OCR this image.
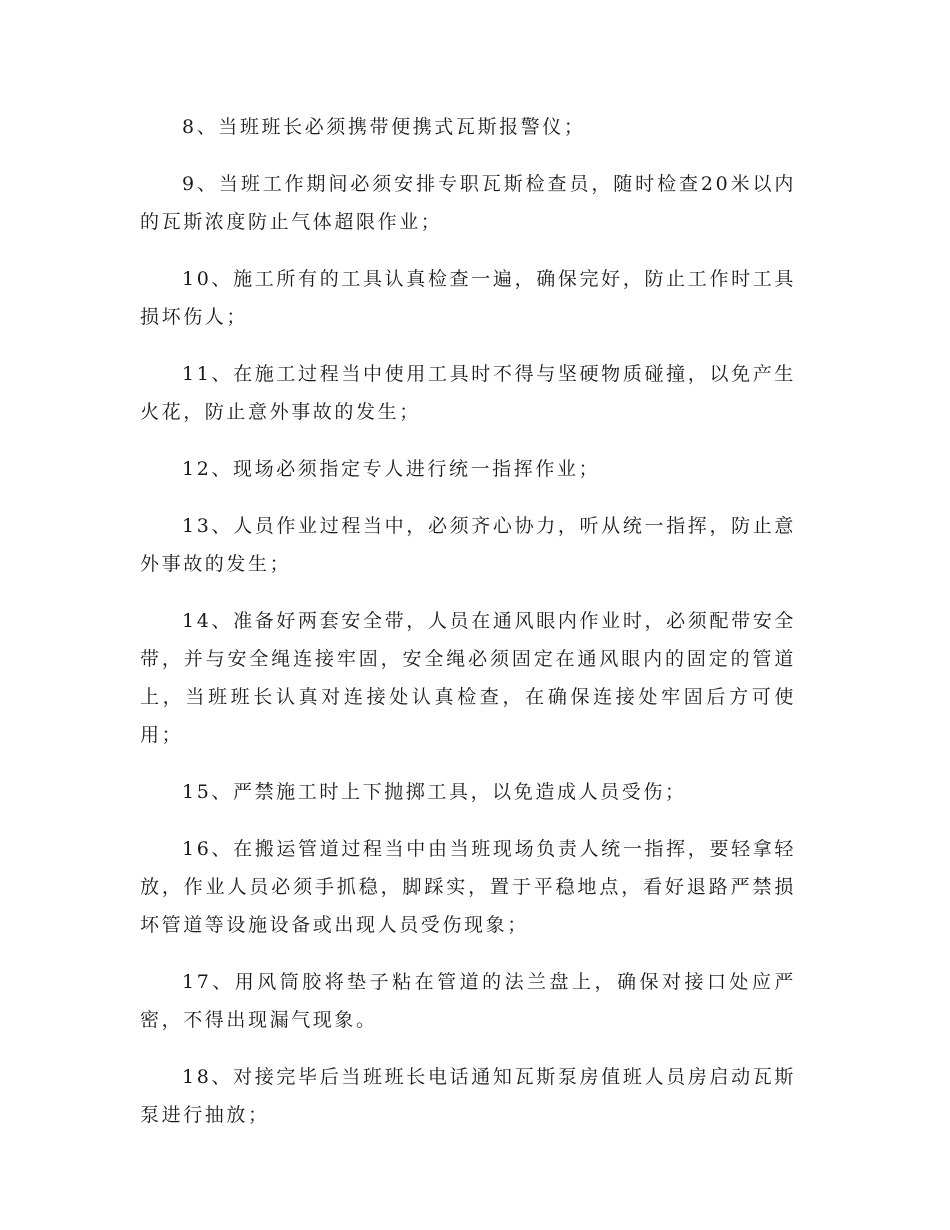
8、当班班长必须携带便携式瓦斯报警仪；

9、当班工作期间必须安排专职瓦斯检查员，随时检查20米以内的瓦斯浓度防止气体超限作业；

10、施工所有的工具认真检查一遍，确保完好，防止工作时工具损坏伤人；

11、在施工过程当中使用工具时不得与坚硬物质碰撞，以免产生火花，防止意外事故的发生；

12、现场必须指定专人进行统一指挥作业；

13、人员作业过程当中，必须齐心协力，听从统一指挥，防止意外事故的发生；

14、准备好两套安全带，人员在通风眼内作业时，必须配带安全带，并与安全绳连接牢固，安全绳必须固定在通风眼内的固定的管道上，当班班长认真对连接处认真检查，在确保连接处牢固后方可使用；

15、严禁施工时上下抛掷工具，以免造成人员受伤；

16、在搬运管道过程当中由当班现场负责人统一指挥，要轻拿轻放，作业人员必须手抓稳，脚踩实，置于平稳地点，看好退路严禁损坏管道等设施设备或出现人员受伤现象；

17、用风筒胶将垫子粘在管道的法兰盘上，确保对接口处应严密，不得出现漏气现象。

18、对接完毕后当班班长电话通知瓦斯泵房值班人员房启动瓦斯泵进行抽放；
